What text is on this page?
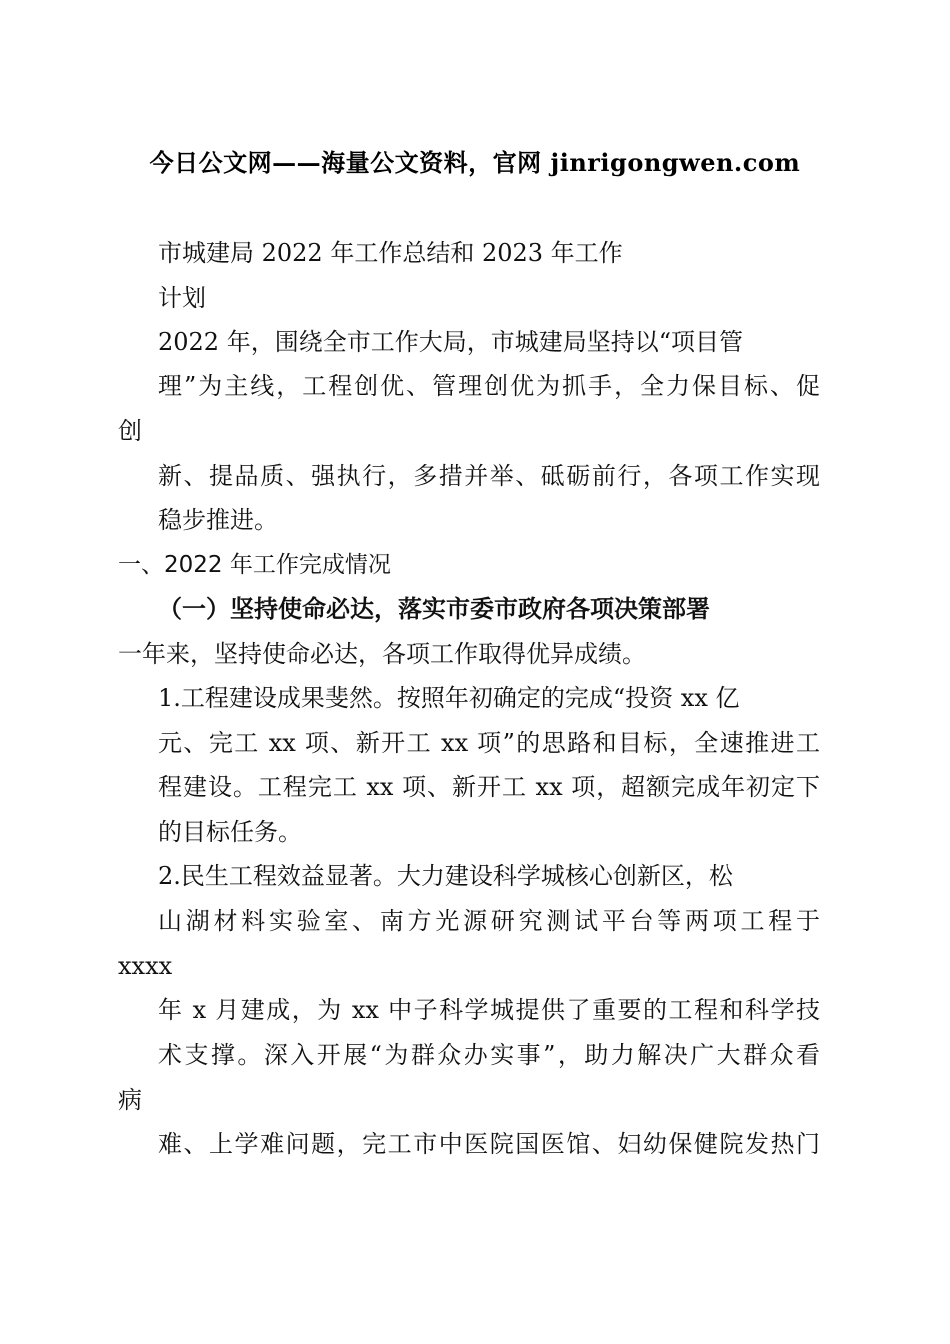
今日公文网——海量公文资料，官网 jinrigongwen.com
市城建局 2022 年工作总结和 2023 年工作
计划
2022 年，围绕全市工作大局，市城建局坚持以“项目管
理”为主线，工程创优、管理创优为抓手，全力保目标、促
创
新、提品质、强执行，多措并举、砥砺前行，各项工作实现
稳步推进。
一、2022 年工作完成情况
（一）坚持使命必达，落实市委市政府各项决策部署
一年来，坚持使命必达，各项工作取得优异成绩。
1.工程建设成果斐然。按照年初确定的完成“投资 xx 亿
元、完工 xx 项、新开工 xx 项”的思路和目标，全速推进工
程建设。工程完工 xx 项、新开工 xx 项，超额完成年初定下
的目标任务。
2.民生工程效益显著。大力建设科学城核心创新区，松
山湖材料实验室、南方光源研究测试平台等两项工程于
xxxx
年 x 月建成，为 xx 中子科学城提供了重要的工程和科学技
术支撑。深入开展“为群众办实事”，助力解决广大群众看
病
难、上学难问题，完工市中医院国医馆、妇幼保健院发热门
